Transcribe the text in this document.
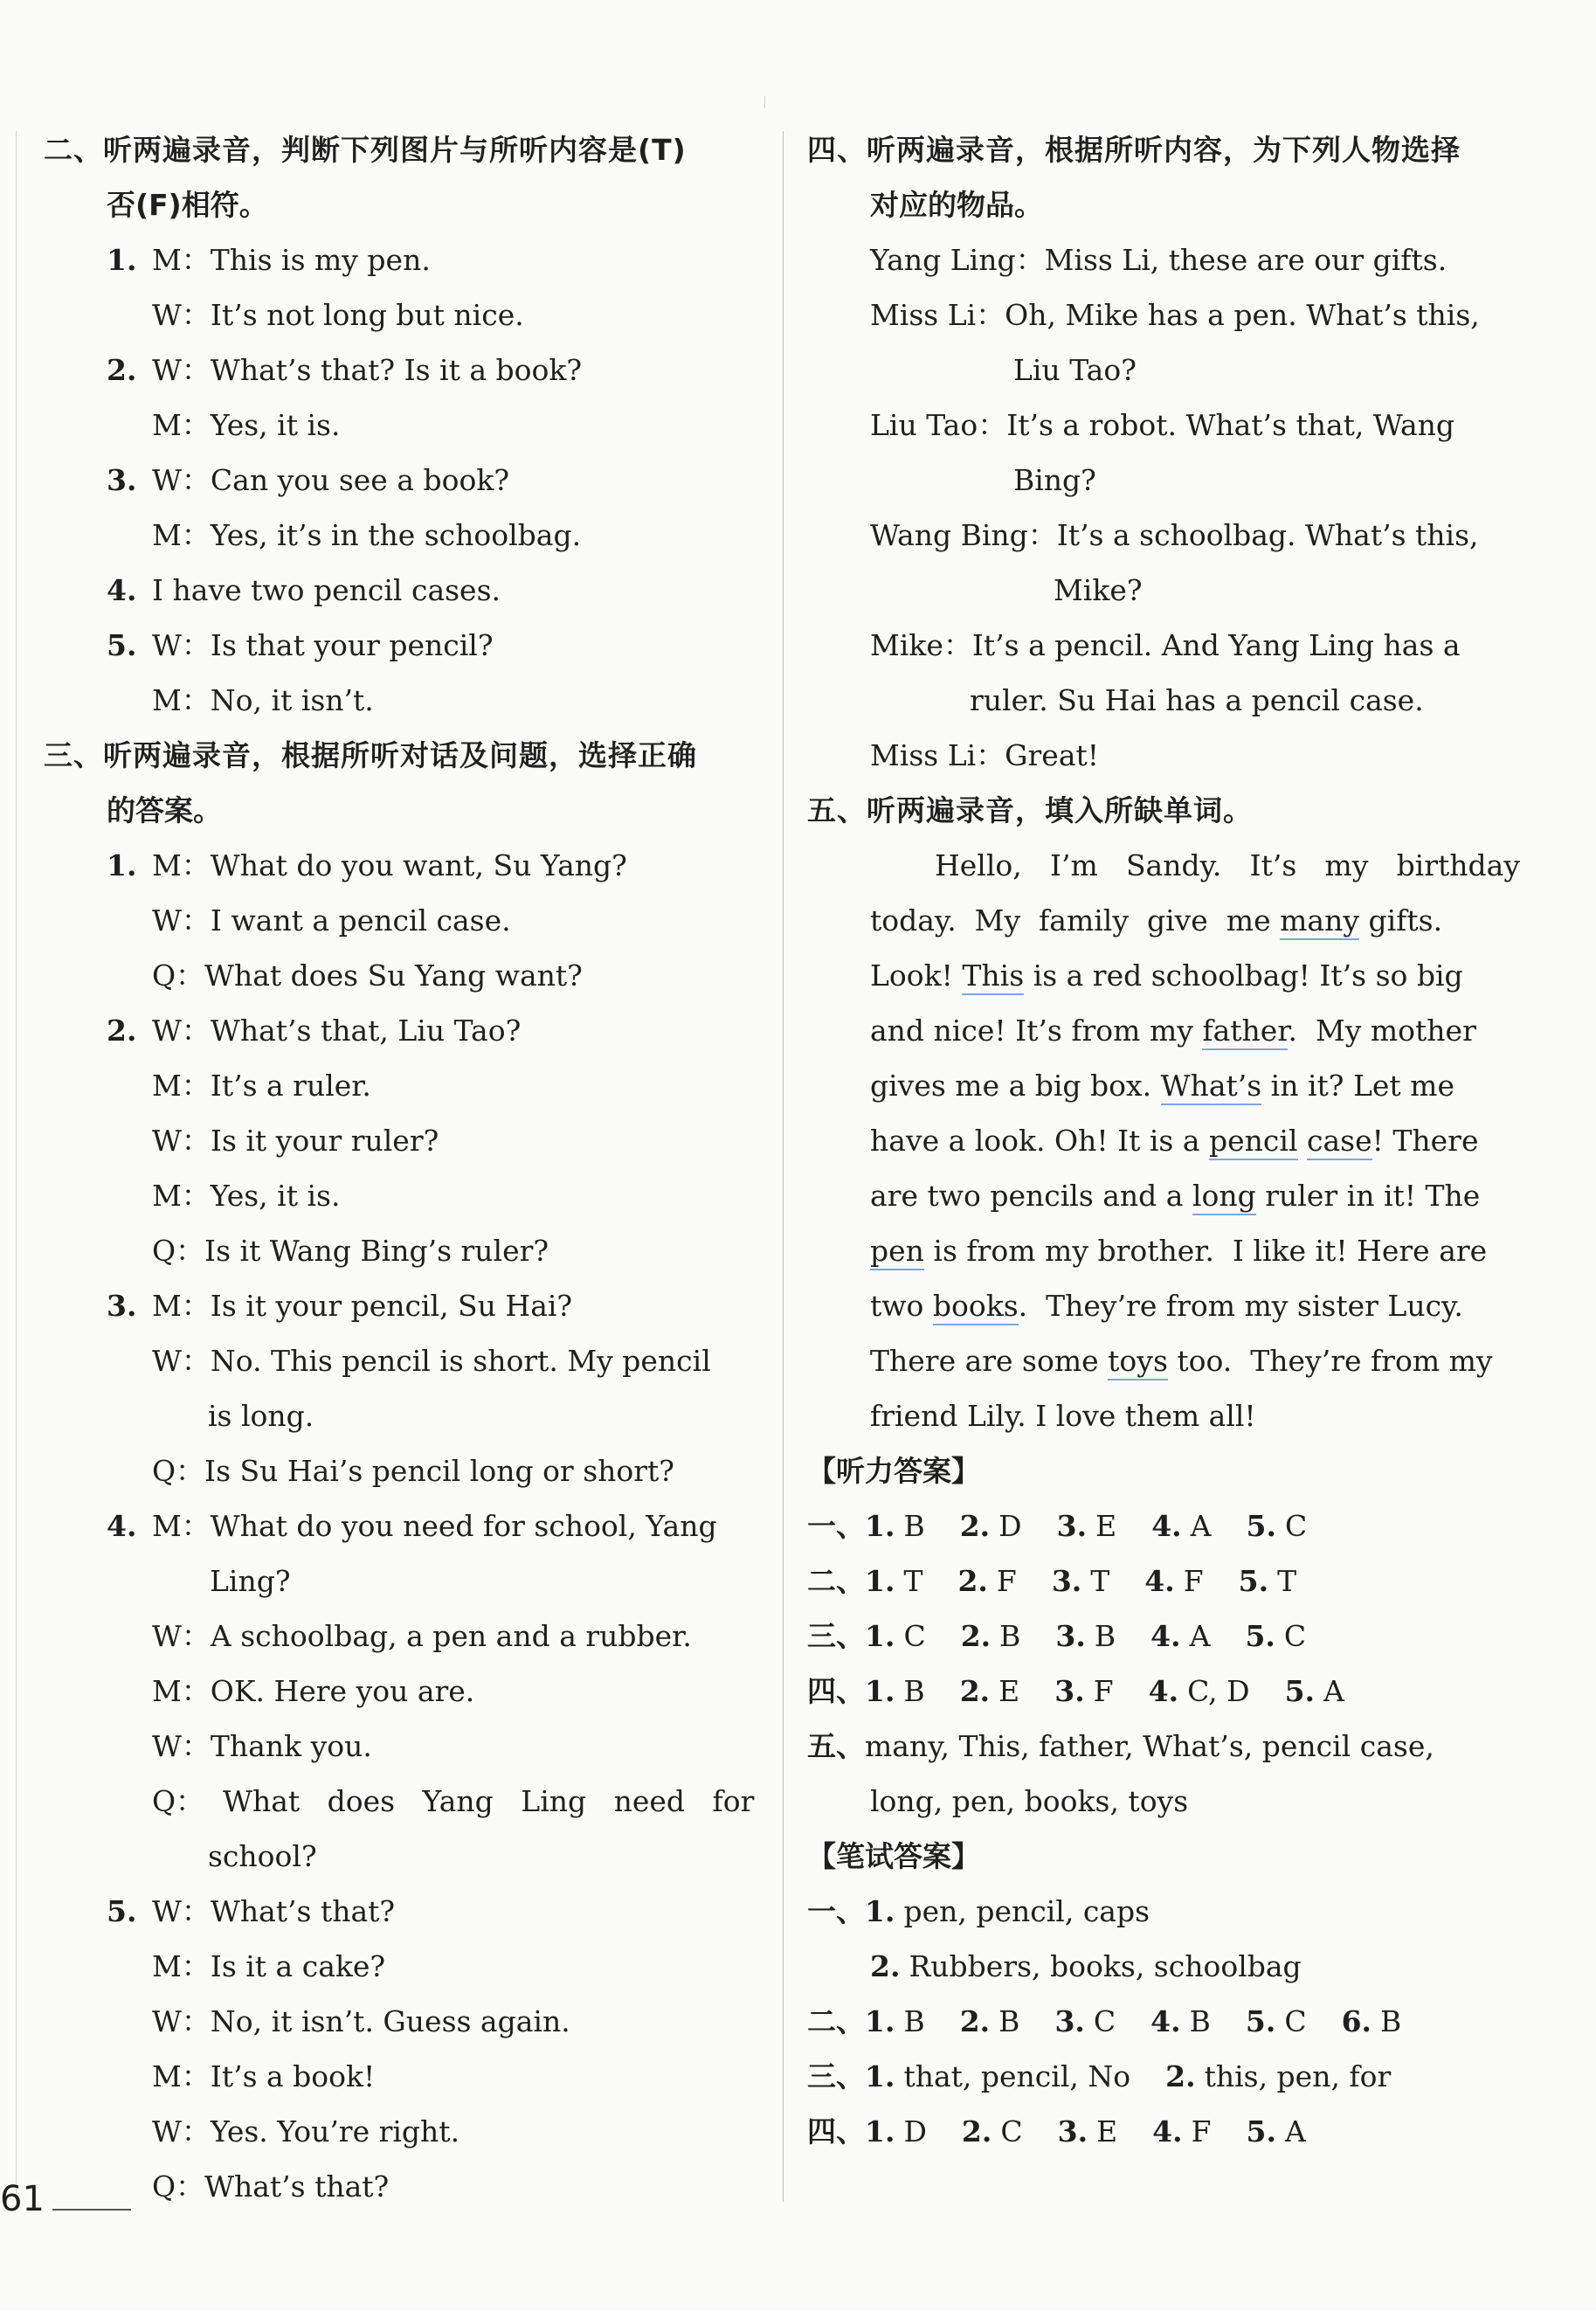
二、听两遍录音，判断下列图片与所听内容是(T)
否(F)相符。
1. M：This is my pen.
W：It’s not long but nice.
2. W：What’s that? Is it a book?
M：Yes, it is.
3. W：Can you see a book?
M：Yes, it’s in the schoolbag.
4. I have two pencil cases.
5. W：Is that your pencil?
M：No, it isn’t.
三、听两遍录音，根据所听对话及问题，选择正确
的答案。
1. M：What do you want, Su Yang?
W：I want a pencil case.
Q：What does Su Yang want?
2. W：What’s that, Liu Tao?
M：It’s a ruler.
W：Is it your ruler?
M：Yes, it is.
Q：Is it Wang Bing’s ruler?
3. M：Is it your pencil, Su Hai?
W：No. This pencil is short. My pencil
is long.
Q：Is Su Hai’s pencil long or short?
4. M：What do you need for school, Yang
Ling?
W：A schoolbag, a pen and a rubber.
M：OK. Here you are.
W：Thank you.
Q：  What   does   Yang   Ling   need   for
school?
5. W：What’s that?
M：Is it a cake?
W：No, it isn’t. Guess again.
M：It’s a book!
W：Yes. You’re right.
Q：What’s that?
四、听两遍录音，根据所听内容，为下列人物选择
对应的物品。
Yang Ling：Miss Li, these are our gifts.
Miss Li：Oh, Mike has a pen. What’s this,
Liu Tao?
Liu Tao：It’s a robot. What’s that, Wang
Bing?
Wang Bing：It’s a schoolbag. What’s this,
Mike?
Mike：It’s a pencil. And Yang Ling has a
ruler. Su Hai has a pencil case.
Miss Li：Great!
五、听两遍录音，填入所缺单词。
Hello, I’m Sandy. It’s my birthday
today.  My  family  give  me many gifts.
Look! This is a red schoolbag! It’s so big
and nice! It’s from my father.  My mother
gives me a big box. What’s in it? Let me
have a look. Oh! It is a pencil case! There
are two pencils and a long ruler in it! The
pen is from my brother.  I like it! Here are
two books.  They’re from my sister Lucy.
There are some toys too.  They’re from my
friend Lily. I love them all!
【听力答案】
一、1. B 2. D 3. E 4. A 5. C
二、1. T 2. F 3. T 4. F 5. T
三、1. C 2. B 3. B 4. A 5. C
四、1. B 2. E 3. F 4. C, D 5. A
五、many, This, father, What’s, pencil case,
long, pen, books, toys
【笔试答案】
一、1. pen, pencil, caps
2. Rubbers, books, schoolbag
二、1. B 2. B 3. C 4. B 5. C 6. B
三、1. that, pencil, No 2. this, pen, for
四、1. D 2. C 3. E 4. F 5. A
61
